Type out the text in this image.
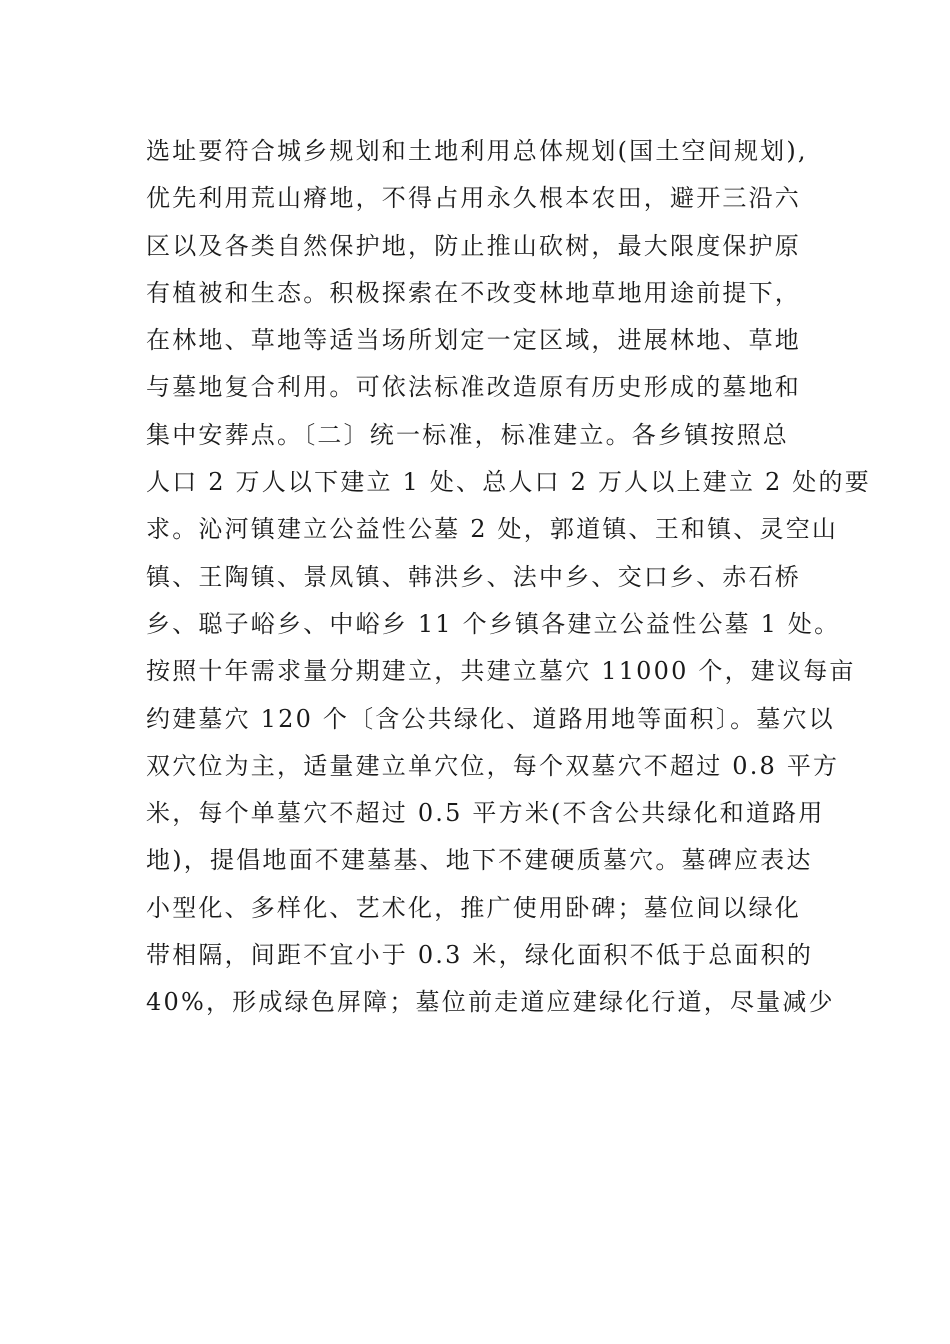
选址要符合城乡规划和土地利用总体规划(国土空间规划),
优先利用荒山瘠地，不得占用永久根本农田，避开三沿六
区以及各类自然保护地，防止推山砍树，最大限度保护原
有植被和生态。积极探索在不改变林地草地用途前提下，
在林地、草地等适当场所划定一定区域，进展林地、草地
与墓地复合利用。可依法标准改造原有历史形成的墓地和
集中安葬点。〔二〕统一标准，标准建立。各乡镇按照总
人口 2 万人以下建立 1 处、总人口 2 万人以上建立 2 处的要
求。沁河镇建立公益性公墓 2 处，郭道镇、王和镇、灵空山
镇、王陶镇、景凤镇、韩洪乡、法中乡、交口乡、赤石桥
乡、聪子峪乡、中峪乡 11 个乡镇各建立公益性公墓 1 处。
按照十年需求量分期建立，共建立墓穴 11000 个，建议每亩
约建墓穴 120 个〔含公共绿化、道路用地等面积〕。墓穴以
双穴位为主，适量建立单穴位，每个双墓穴不超过 0.8 平方
米，每个单墓穴不超过 0.5 平方米(不含公共绿化和道路用
地)，提倡地面不建墓基、地下不建硬质墓穴。墓碑应表达
小型化、多样化、艺术化，推广使用卧碑；墓位间以绿化
带相隔，间距不宜小于 0.3 米，绿化面积不低于总面积的
40%，形成绿色屏障；墓位前走道应建绿化行道，尽量减少
